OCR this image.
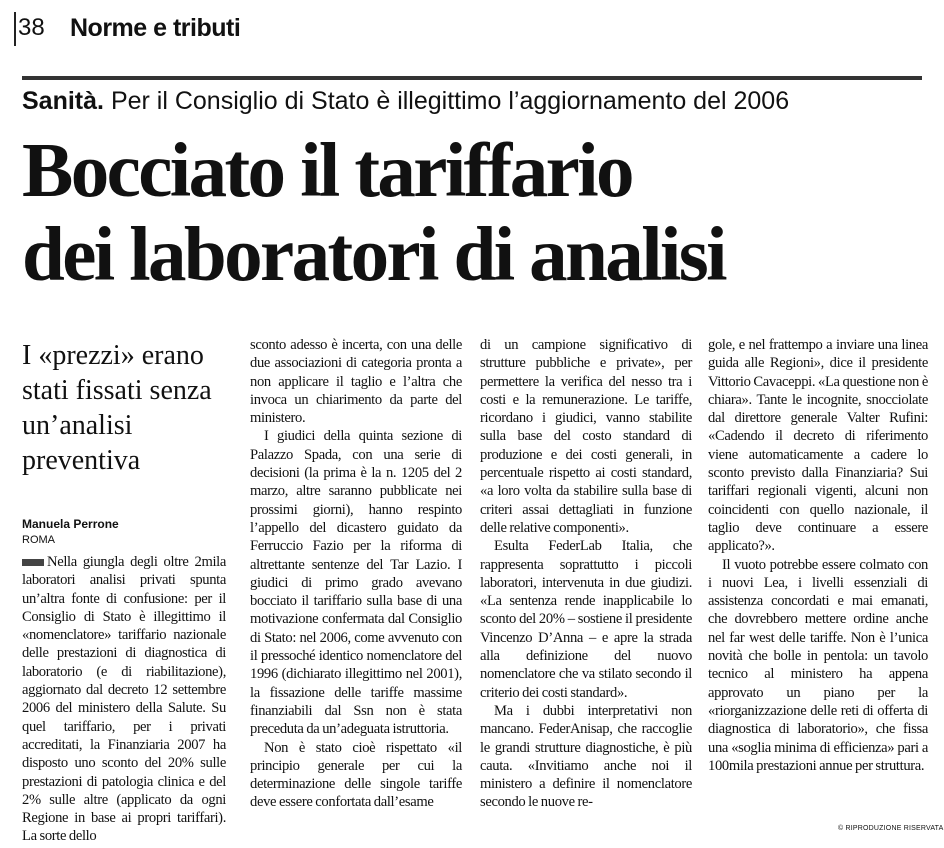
38 Norme e tributi
Sanità. Per il Consiglio di Stato è illegittimo l’aggiornamento del 2006
Bocciato il tariffario
dei laboratori di analisi
I «prezzi» erano stati fissati senza un’analisi preventiva
Manuela Perrone
ROMA

Nella giungla degli oltre 2mila laboratori analisi privati spunta un’altra fonte di confusione: per il Consiglio di Stato è illegittimo il «nomenclatore» tariffario nazionale delle prestazioni di diagnostica di laboratorio (e di riabilitazione), aggiornato dal decreto 12 settembre 2006 del ministero della Salute. Su quel tariffario, per i privati accreditati, la Finanziaria 2007 ha disposto uno sconto del 20% sulle prestazioni di patologia clinica e del 2% sulle altre (applicato da ogni Regione in base ai propri tariffari). La sorte dello

sconto adesso è incerta, con una delle due associazioni di categoria pronta a non applicare il taglio e l’altra che invoca un chiarimento da parte del ministero.

I giudici della quinta sezione di Palazzo Spada, con una serie di decisioni (la prima è la n. 1205 del 2 marzo, altre saranno pubblicate nei prossimi giorni), hanno respinto l’appello del dicastero guidato da Ferruccio Fazio per la riforma di altrettante sentenze del Tar Lazio. I giudici di primo grado avevano bocciato il tariffario sulla base di una motivazione confermata dal Consiglio di Stato: nel 2006, come avvenuto con il pressoché identico nomenclatore del 1996 (dichiarato illegittimo nel 2001), la fissazione delle tariffe massime finanziabili dal Ssn non è stata preceduta da un’adeguata istruttoria.

Non è stato cioè rispettato «il principio generale per cui la determinazione delle singole tariffe deve essere confortata dall’esame

di un campione significativo di strutture pubbliche e private», per permettere la verifica del nesso tra i costi e la remunerazione. Le tariffe, ricordano i giudici, vanno stabilite sulla base del costo standard di produzione e dei costi generali, in percentuale rispetto ai costi standard, «a loro volta da stabilire sulla base di criteri assai dettagliati in funzione delle relative componenti».

Esulta FederLab Italia, che rappresenta soprattutto i piccoli laboratori, intervenuta in due giudizi. «La sentenza rende inapplicabile lo sconto del 20% – sostiene il presidente Vincenzo D’Anna – e apre la strada alla definizione del nuovo nomenclatore che va stilato secondo il criterio dei costi standard».

Ma i dubbi interpretativi non mancano. FederAnisap, che raccoglie le grandi strutture diagnostiche, è più cauta. «Invitiamo anche noi il ministero a definire il nomenclatore secondo le nuove re-

gole, e nel frattempo a inviare una linea guida alle Regioni», dice il presidente Vittorio Cavaceppi. «La questione non è chiara». Tante le incognite, snocciolate dal direttore generale Valter Rufini: «Cadendo il decreto di riferimento viene automaticamente a cadere lo sconto previsto dalla Finanziaria? Sui tariffari regionali vigenti, alcuni non coincidenti con quello nazionale, il taglio deve continuare a essere applicato?».

Il vuoto potrebbe essere colmato con i nuovi Lea, i livelli essenziali di assistenza concordati e mai emanati, che dovrebbero mettere ordine anche nel far west delle tariffe. Non è l’unica novità che bolle in pentola: un tavolo tecnico al ministero ha appena approvato un piano per la «riorganizzazione delle reti di offerta di diagnostica di laboratorio», che fissa una «soglia minima di efficienza» pari a 100mila prestazioni annue per struttura.

© RIPRODUZIONE RISERVATA
